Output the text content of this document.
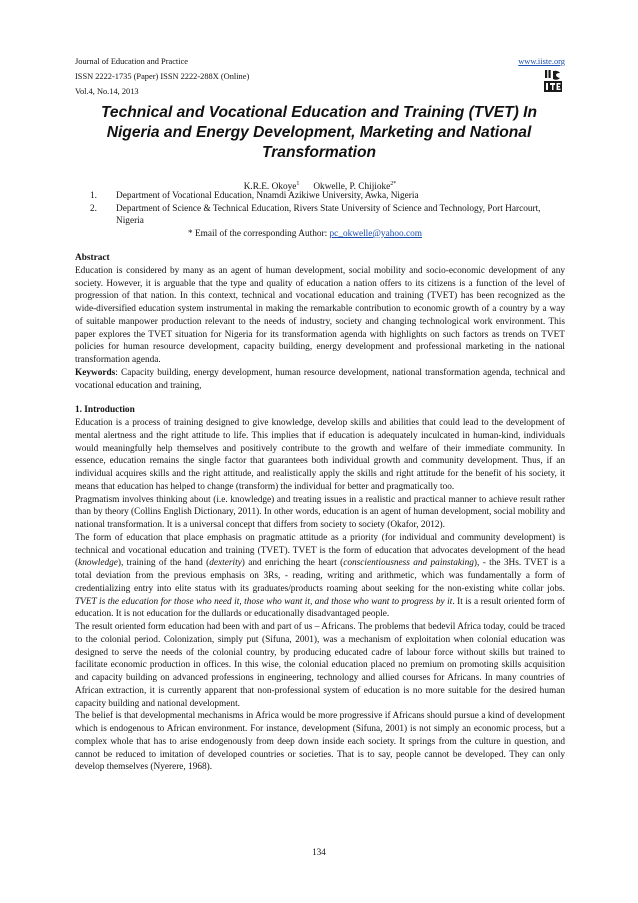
Journal of Education and Practice
ISSN 2222-1735 (Paper) ISSN 2222-288X (Online)
Vol.4, No.14, 2013
www.iiste.org
Technical and Vocational Education and Training (TVET) In Nigeria and Energy Development, Marketing and National Transformation
K.R.E. Okoye$^1$ Okwelle, P. Chijioke$^{2*}$
1. Department of Vocational Education, Nnamdi Azikiwe University, Awka, Nigeria
2. Department of Science & Technical Education, Rivers State University of Science and Technology, Port Harcourt, Nigeria
* Email of the corresponding Author: pc_okwelle@yahoo.com

Abstract

Education is considered by many as an agent of human development, social mobility and socio-economic development of any society. However, it is arguable that the type and quality of education a nation offers to its citizens is a function of the level of progression of that nation. In this context, technical and vocational education and training (TVET) has been recognized as the wide-diversified education system instrumental in making the remarkable contribution to economic growth of a country by a way of suitable manpower production relevant to the needs of industry, society and changing technological work environment. This paper explores the TVET situation for Nigeria for its transformation agenda with highlights on such factors as trends on TVET policies for human resource development, capacity building, energy development and professional marketing in the national transformation agenda.

Keywords: Capacity building, energy development, human resource development, national transformation agenda, technical and vocational education and training,

1. Introduction

Education is a process of training designed to give knowledge, develop skills and abilities that could lead to the development of mental alertness and the right attitude to life. This implies that if education is adequately inculcated in human-kind, individuals would meaningfully help themselves and positively contribute to the growth and welfare of their immediate community. In essence, education remains the single factor that guarantees both individual growth and community development. Thus, if an individual acquires skills and the right attitude, and realistically apply the skills and right attitude for the benefit of his society, it means that education has helped to change (transform) the individual for better and pragmatically too.

Pragmatism involves thinking about (i.e. knowledge) and treating issues in a realistic and practical manner to achieve result rather than by theory (Collins English Dictionary, 2011). In other words, education is an agent of human development, social mobility and national transformation. It is a universal concept that differs from society to society (Okafor, 2012).

The form of education that place emphasis on pragmatic attitude as a priority (for individual and community development) is technical and vocational education and training (TVET). TVET is the form of education that advocates development of the head (knowledge), training of the hand (dexterity) and enriching the heart (conscientiousness and painstaking), - the 3Hs. TVET is a total deviation from the previous emphasis on 3Rs, - reading, writing and arithmetic, which was fundamentally a form of credentializing entry into elite status with its graduates/products roaming about seeking for the non-existing white collar jobs. TVET is the education for those who need it, those who want it, and those who want to progress by it. It is a result oriented form of education. It is not education for the dullards or educationally disadvantaged people.

The result oriented form education had been with and part of us – Africans. The problems that bedevil Africa today, could be traced to the colonial period. Colonization, simply put (Sifuna, 2001), was a mechanism of exploitation when colonial education was designed to serve the needs of the colonial country, by producing educated cadre of labour force without skills but trained to facilitate economic production in offices. In this wise, the colonial education placed no premium on promoting skills acquisition and capacity building on advanced professions in engineering, technology and allied courses for Africans. In many countries of African extraction, it is currently apparent that non-professional system of education is no more suitable for the desired human capacity building and national development.

The belief is that developmental mechanisms in Africa would be more progressive if Africans should pursue a kind of development which is endogenous to African environment. For instance, development (Sifuna, 2001) is not simply an economic process, but a complex whole that has to arise endogenously from deep down inside each society. It springs from the culture in question, and cannot be reduced to imitation of developed countries or societies. That is to say, people cannot be developed. They can only develop themselves (Nyerere, 1968).

134
